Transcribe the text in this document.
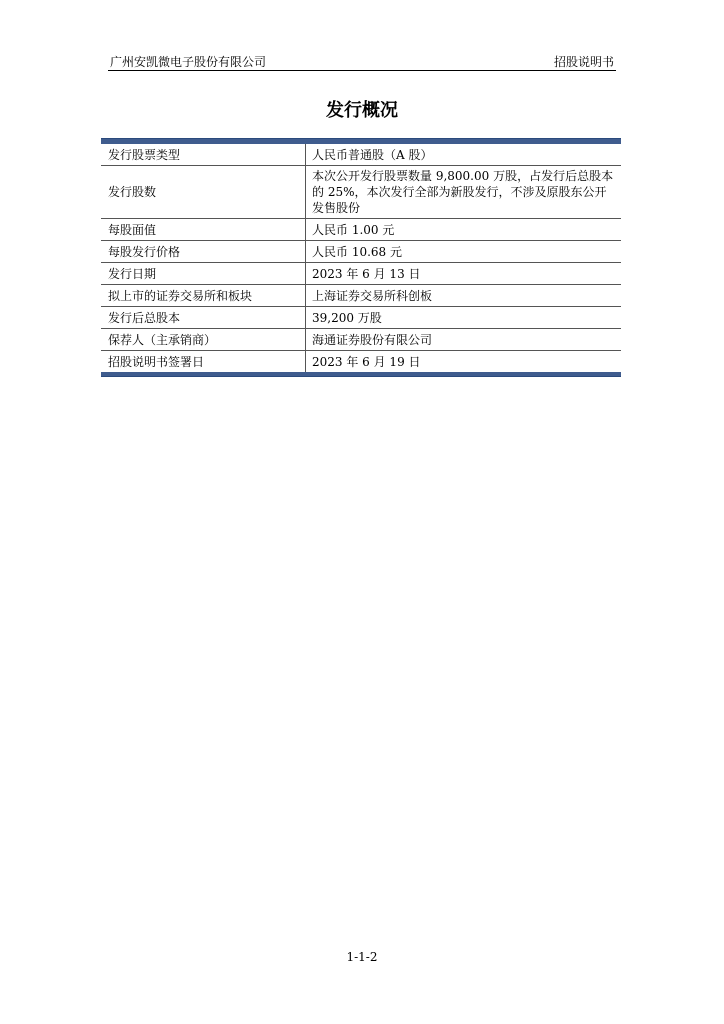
广州安凯微电子股份有限公司	招股说明书
发行概况
发行股票类型	人民币普通股（A 股）
发行股数	本次公开发行股票数量 9,800.00 万股，占发行后总股本的 25%，本次发行全部为新股发行，不涉及原股东公开发售股份
每股面值	人民币 1.00 元
每股发行价格	人民币 10.68 元
发行日期	2023 年 6 月 13 日
拟上市的证券交易所和板块	上海证券交易所科创板
发行后总股本	39,200 万股
保荐人（主承销商）	海通证券股份有限公司
招股说明书签署日	2023 年 6 月 19 日
1-1-2
